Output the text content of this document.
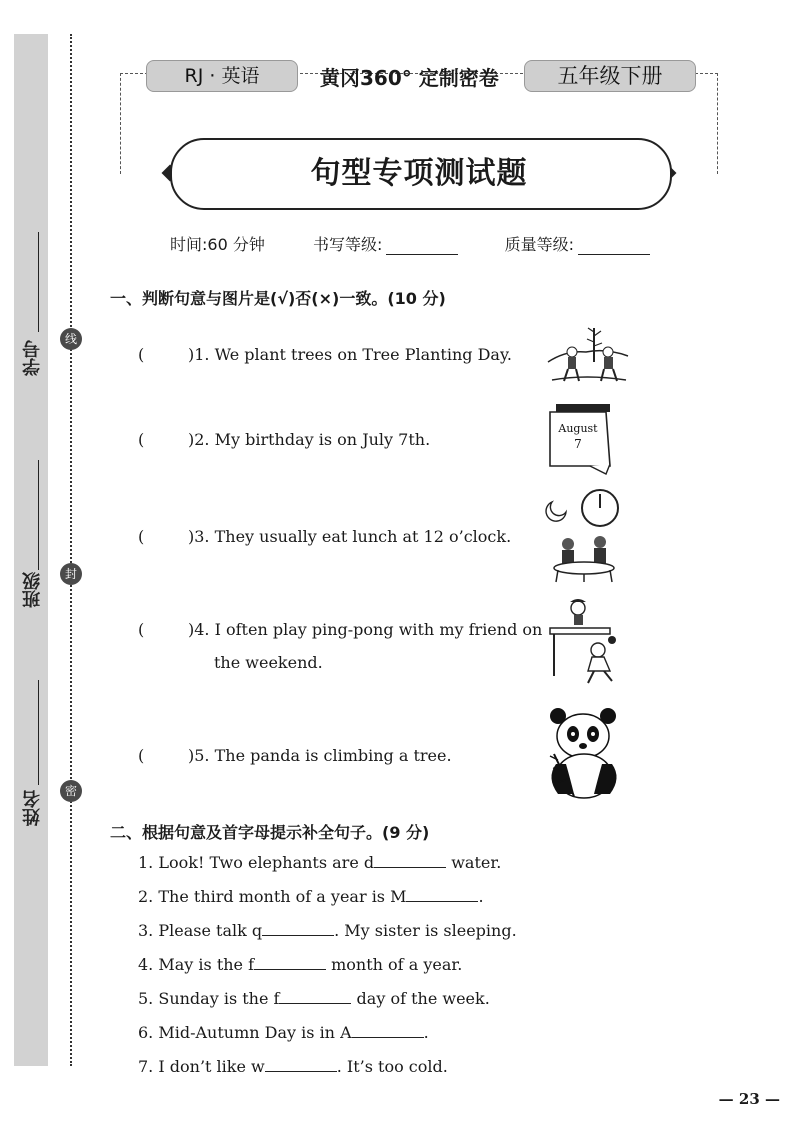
线
封
密
学号
班级
姓名
RJ · 英语	黄冈360° 定制密卷	五年级下册
句型专项测试题
时间:60 分钟	书写等级:	质量等级:
一、判断句意与图片是(√)否(×)一致。(10 分)
(	)1. We plant trees on Tree Planting Day.
(	)2. My birthday is on July 7th.
(	)3. They usually eat lunch at 12 o’clock.
(	)4. I often play ping-pong with my friend on
the weekend.
(	)5. The panda is climbing a tree.
August
7
二、根据句意及首字母提示补全句子。(9 分)
1. Look! Two elephants are d	water.
2. The third month of a year is M	.
3. Please talk q	. My sister is sleeping.
4. May is the f	month of a year.
5. Sunday is the f	day of the week.
6. Mid-Autumn Day is in A	.
7. I don’t like w	. It’s too cold.
— 23 —
